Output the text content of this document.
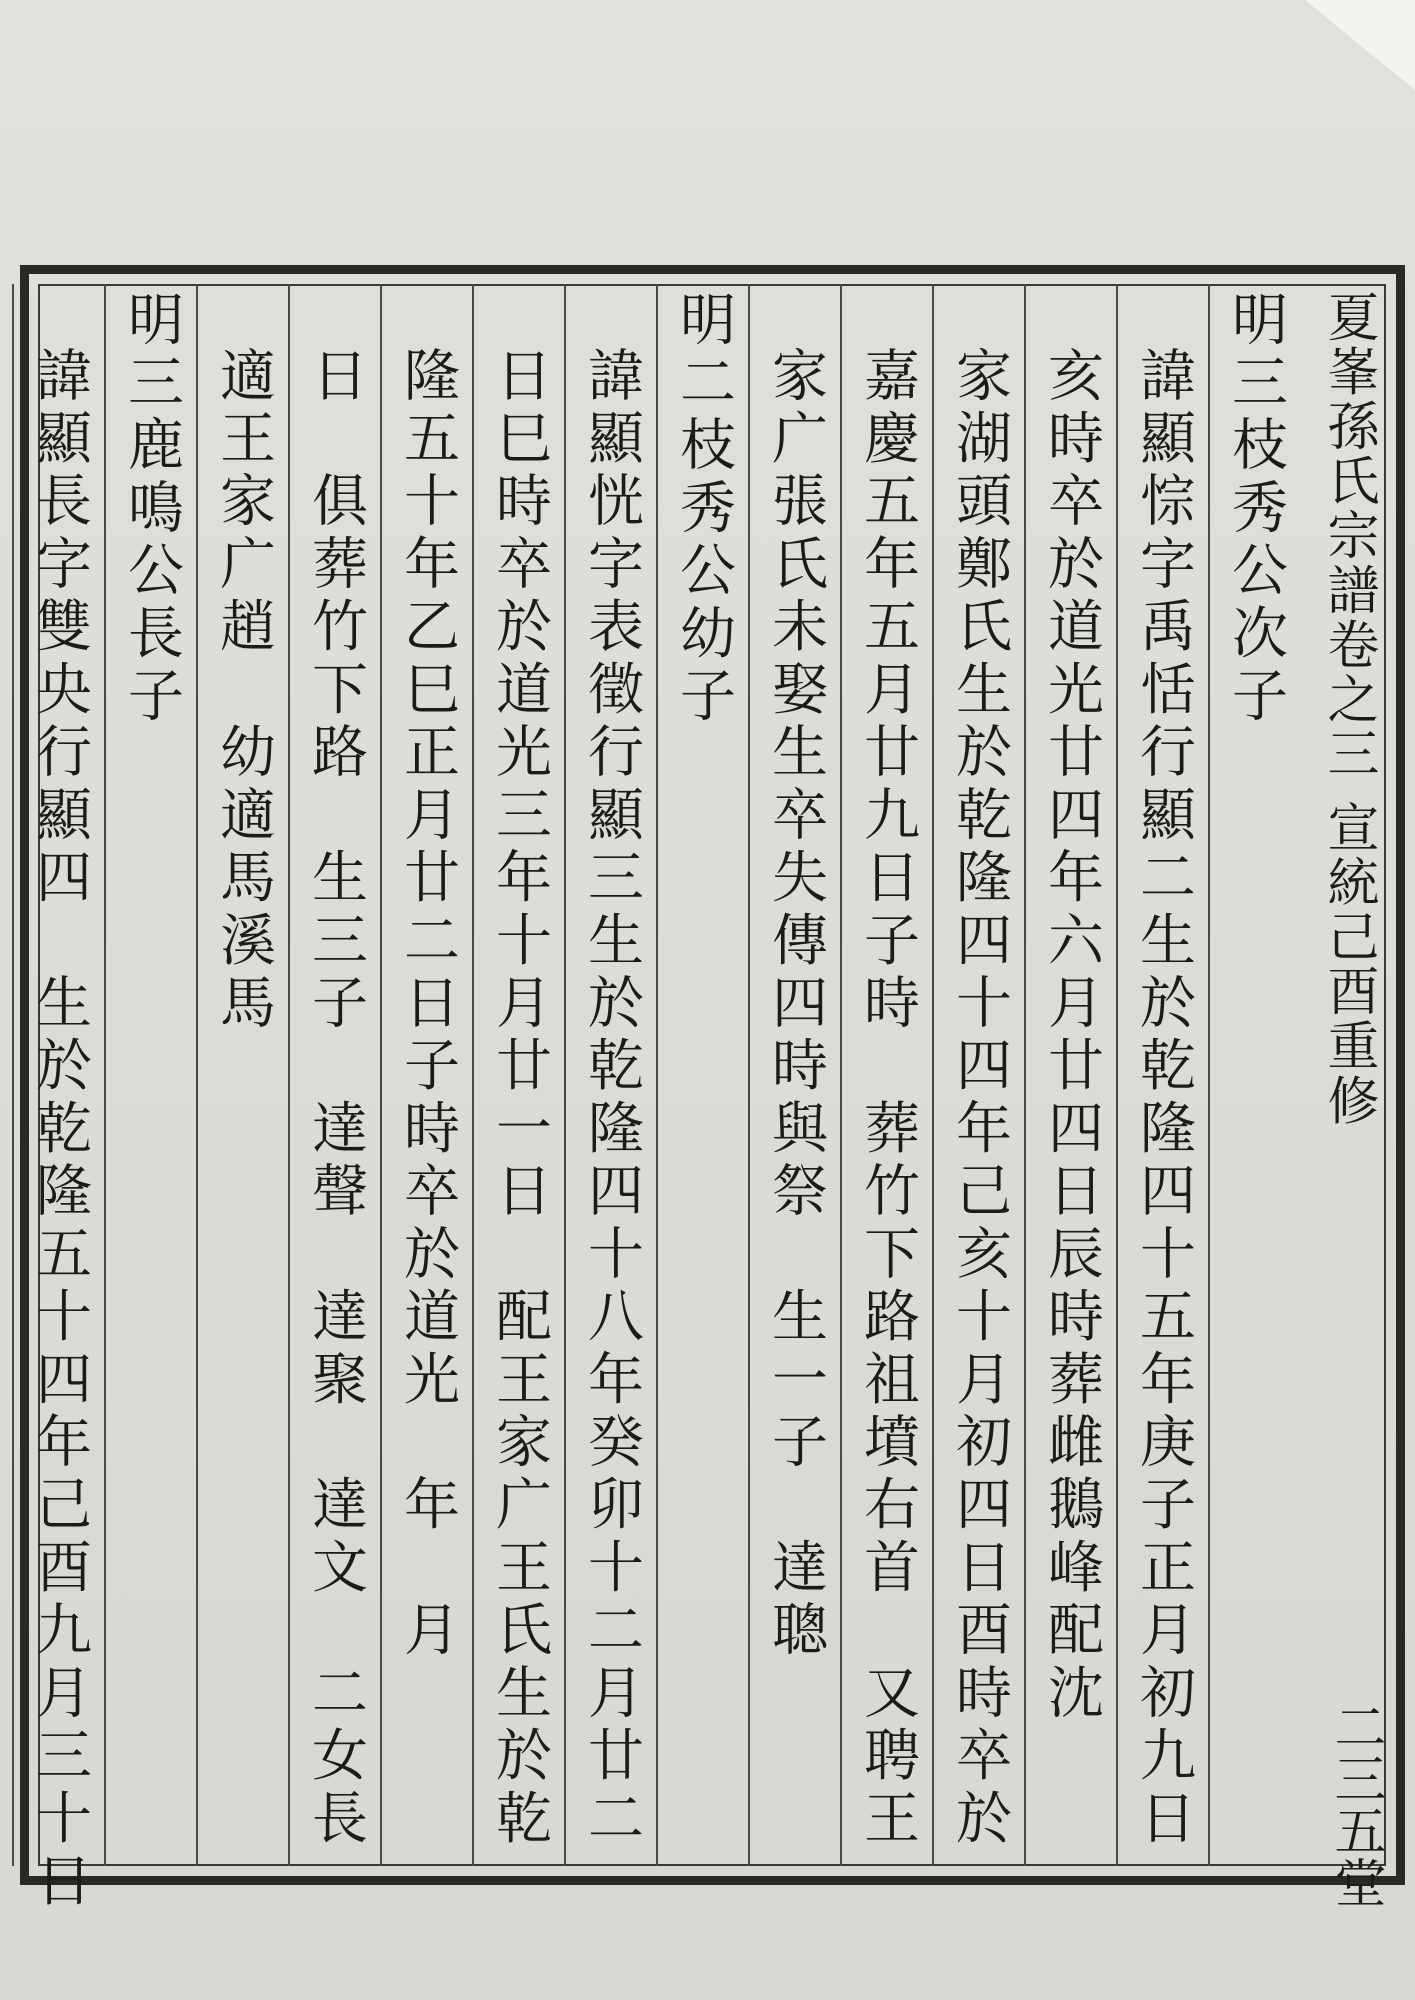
夏峯孫氏宗譜卷之三 宣統己酉重修
二三五堂
明三枝秀公次子
諱顯悰字禹恬行顯二生於乾隆四十五年庚子正月初九日
亥時卒於道光廿四年六月廿四日辰時葬雌鵝峰配沈
家湖頭鄭氏生於乾隆四十四年己亥十月初四日酉時卒於
嘉慶五年五月廿九日子時　葬竹下路祖墳右首　又聘王
家广張氏未娶生卒失傳四時與祭　生一子　達聰
明二枝秀公幼子
諱顯恍字表徵行顯三生於乾隆四十八年癸卯十二月廿二
日巳時卒於道光三年十月廿一日　配王家广王氏生於乾
隆五十年乙巳正月廿二日子時卒於道光　年　月
日　俱葬竹下路　生三子　達聲　達聚　達文　二女長
適王家广趙　幼適馬溪馬
明三鹿鳴公長子
諱顯長字雙央行顯四　生於乾隆五十四年己酉九月三十日
